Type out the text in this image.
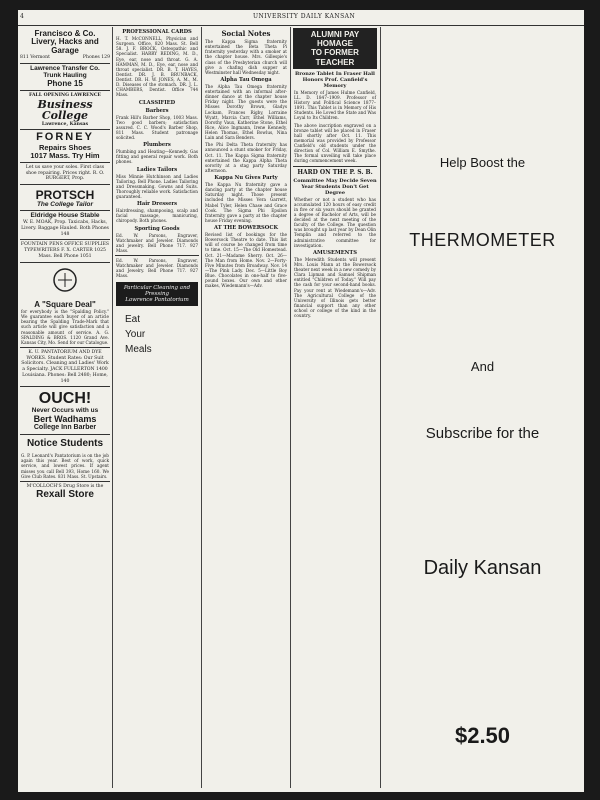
4	UNIVERSITY DAILY KANSAN
Francisco & Co.
Livery, Hacks and
Garage
811 Vermont	Phones 129
Lawrence Transfer Co.
Trunk Hauling
Phone 15
FALL OPENING LAWRENCE
Business College
Lawrence, Kansas
FORNEY
Repairs Shoes
1017 Mass. Try Him
Let us save your soles. First class shoe repairing. Prices right. R. O. BURGERT, Prop.
PROTSCH
The College Tailor
Eldridge House Stable
W. E. MOAK, Prop. Taxicabs, Hacks, Livery. Baggage Hauled. Both Phones 148
FOUNTAIN PENS OFFICE SUPPLIES TYPEWRITERS F. X. CARTER 1025 Mass. Bell Phone 1051
A "Square Deal"
for everybody is the "Spalding Policy." We guarantee each buyer of an article bearing the Spalding Trade-Mark that such article will give satisfaction and a reasonable amount of service. A. G. SPALDING & BROS. 1120 Grand Ave. Kansas City, Mo. Send for our Catalogue.
K. U. PANTATORIUM AND DYE WORKS. Student Rates: Our Suit Solicitors. Cleaning and Ladies' Work a Specialty. JACK FULLERTON 1400 Louisiana. Phones: Bell 2480; Home, 140
OUCH!
Never Occurs with us
Bert Wadhams
College Inn Barber
Notice Students
G. P. Leonard's Pantatorium is on the job again this year. Best of work, quick service, and lowest prices. If agent misses you call Bell 393, Home 160. We Give Club Rates. 831 Mass. St. Upstairs.
M'COLLOCH'S Drug Store is the
Rexall Store
PROFESSIONAL CARDS
H. T. McCONNELL, Physician and Surgeon. Office, 820 Mass. St. Bell 58. J. F. BROCK, Osteopathic and Specialist. HARRY REDING, M. D., Eye, ear, nose and throat. G. A. HAMMAN, M. D., Eye, ear, nose and throat specialist. DR. B. T. HAYES, Dentist. DR. J. B. BRUNBACK, Dentist. DR. H. W. JONES, A. M., M. D. Diseases of the stomach. DR. J. L. CHAMBERS, Dentist. Office 744 Mass.
CLASSIFIED
Barbers
Frank Hill's Barber Shop, 1003 Mass. Two good barbers; satisfaction assured. C. C. Wood's Barber Shop, 811 Mass. Student patronage solicited.
Plumbers
Plumbing and Heating—Kennedy. Gas fitting and general repair work. Both phones.
Ladies Tailors
Miss Minnie Hutchinson and Ladies Tailoring. Bell Phone. Ladies Tailoring and Dressmaking. Gowns and Suits. Thoroughly reliable work. Satisfaction guaranteed.
Hair Dressers
Hairdressing, shampooing, scalp and facial massage, manicuring, chiropody. Both phones.
Sporting Goods
Ed. W. Parsons, Engraver, Watchmaker and Jeweler. Diamonds and jewelry. Bell Phone 717. 927 Mass.
Ed. W. Parsons, Engraver, Watchmaker and Jeweler. Diamonds and Jewelry. Bell Phone 717. 927 Mass.
Particular Cleaning and
Pressing
Lawrence Pantatorium
Eat
Your
Meals
Social Notes
The Kappa Sigma fraternity entertained the Beta Theta Pi fraternity yesterday with a smoker at the chapter house. Mrs. Gillespie's class of the Presbyterian church will give a chafing dish supper at Westminster hall Wednesday night.
Alpha Tau Omega
The Alpha Tau Omega fraternity entertained with an informal after-dinner dance at the chapter house Friday night. The guests were the Misses Dorothy Brown, Gladys Lockam, Frances Rigby, Lorraine Wyatt, Marcia Carr, Ethel Williams, Dorothy Vaux, Katherine Stone, Ethel Rice, Alice Ingmann, Irene Kennedy, Helen Thomas, Ethel Bowlus, Nina Lain and Sara Benders.
The Phi Delta Theta fraternity has announced a stunt smoker for Friday, Oct. 11. The Kappa Sigma fraternity entertained the Kappa Alpha Theta sorority at a stag party Saturday afternoon.
Kappa Nu Gives Party
The Kappa Nu fraternity gave a dancing party at the chapter house Saturday night. Those present included the Misses Vera Garrett, Mabel Tyler, Helen Chase and Grace Cook. The Sigma Phi Epsilon fraternity gave a party at the chapter house Friday evening.
AT THE BOWERSOCK
Revised list of bookings for the Bowersock Theatre to date. This list will of course be changed from time to time. Oct. 15—The Old Homestead. Oct. 21—Madame Sherry. Oct. 26—The Man from Home. Nov. 2—Forty-Five Minutes from Broadway. Nov. 14—The Pink Lady. Dec. 5—Little Boy Blue. Chocolates in one-half to five-pound boxes. Our own and other makes, Wiedemann's—Adv.
ALUMNI PAY HOMAGE
TO FORMER TEACHER
Bronze Tablet In Fraser Hall Honors Prof. Canfield's Memory
In Memory of James Hulme Canfield, LL. D. 1847–1909. Professor of History and Political Science 1877–1891. This Tablet is in Memory of His Students. He Loved the State and Was Loyal to Its Children.
The above inscription engraved on a bronze tablet will be placed in Fraser hall shortly after Oct. 11. This memorial was provided by Professor Canfield's old students under the direction of Col. William E. Smythe. The formal unveiling will take place during commencement week.
HARD ON THE P. S. B.
Committee May Decide Seven Year Students Don't Get Degree
Whether or not a student who has accumulated 120 hours of easy credit in five or six years should be granted a degree of Bachelor of Arts, will be decided at the next meeting of the faculty of the College. The question was brought up last year by Dean Olin Templin and referred to the administrative committee for investigation.
AMUSEMENTS
The Meredith Students will present Mrs. Louis Mann at the Bowersock theater next week in a new comedy by Clara Lipman and Samuel Shipman entitled "Children of Today." Will pay the cash for your second-hand books. Pay your rent at Wiedemann's—Adv. The Agricultural College of the University of Illinois gets better financial support than any other school or college of the kind in the country.
Help Boost the
THERMOMETER
And
Subscribe for the
Daily Kansan
$2.50
